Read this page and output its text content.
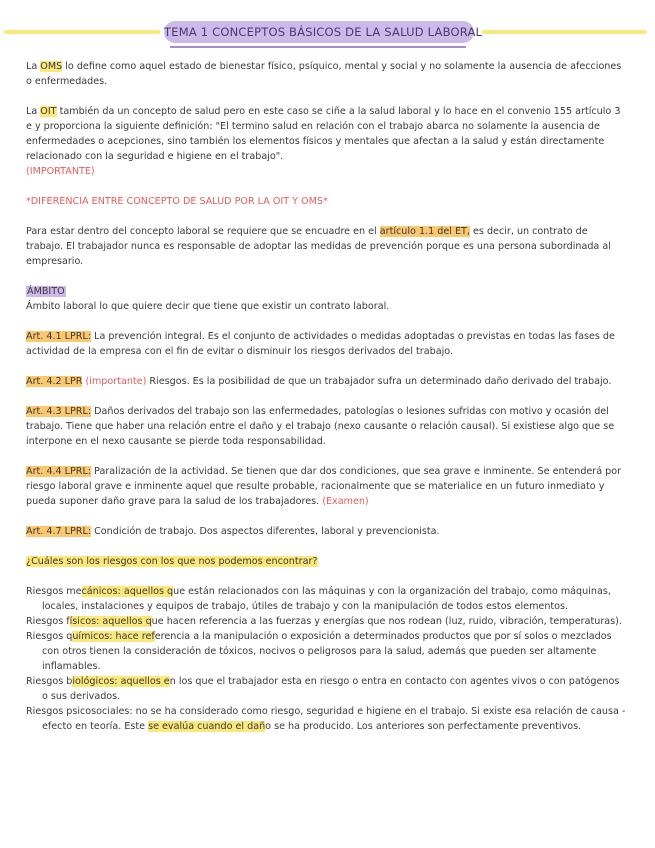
TEMA 1 CONCEPTOS BÁSICOS DE LA SALUD LABORAL

La OMS lo define como aquel estado de bienestar físico, psíquico, mental y social y no solamente la ausencia de afecciones o enfermedades.

La OIT también da un concepto de salud pero en este caso se ciñe a la salud laboral y lo hace en el convenio 155 artículo 3 e y proporciona la siguiente definición: "El termino salud en relación con el trabajo abarca no solamente la ausencia de enfermedades o acepciones, sino también los elementos físicos y mentales que afectan a la salud y están directamente relacionado con la seguridad e higiene en el trabajo".
(IMPORTANTE)

*DIFERENCIA ENTRE CONCEPTO DE SALUD POR LA OIT Y OMS*

Para estar dentro del concepto laboral se requiere que se encuadre en el artículo 1.1 del ET, es decir, un contrato de trabajo. El trabajador nunca es responsable de adoptar las medidas de prevención porque es una persona subordinada al empresario.

ÁMBITO
Ámbito laboral lo que quiere decir que tiene que existir un contrato laboral.

Art. 4.1 LPRL: La prevención integral. Es el conjunto de actividades o medidas adoptadas o previstas en todas las fases de actividad de la empresa con el fin de evitar o disminuir los riesgos derivados del trabajo.

Art. 4.2 LPR (importante) Riesgos. Es la posibilidad de que un trabajador sufra un determinado daño derivado del trabajo.

Art. 4.3 LPRL: Daños derivados del trabajo son las enfermedades, patologías o lesiones sufridas con motivo y ocasión del trabajo. Tiene que haber una relación entre el daño y el trabajo (nexo causante o relación causal). Si existiese algo que se interpone en el nexo causante se pierde toda responsabilidad.

Art. 4.4 LPRL: Paralización de la actividad. Se tienen que dar dos condiciones, que sea grave e inminente. Se entenderá por riesgo laboral grave e inminente aquel que resulte probable, racionalmente que se materialice en un futuro inmediato y pueda suponer daño grave para la salud de los trabajadores. (Examen)

Art. 4.7 LPRL: Condición de trabajo. Dos aspectos diferentes, laboral y prevencionista.

¿Cuáles son los riesgos con los que nos podemos encontrar?

Riesgos mecánicos: aquellos que están relacionados con las máquinas y con la organización del trabajo, como máquinas, locales, instalaciones y equipos de trabajo, útiles de trabajo y con la manipulación de todos estos elementos.

Riesgos físicos: aquellos que hacen referencia a las fuerzas y energías que nos rodean (luz, ruido, vibración, temperaturas).

Riesgos químicos: hace referencia a la manipulación o exposición a determinados productos que por sí solos o mezclados con otros tienen la consideración de tóxicos, nocivos o peligrosos para la salud, además que pueden ser altamente inflamables.

Riesgos biológicos: aquellos en los que el trabajador esta en riesgo o entra en contacto con agentes vivos o con patógenos o sus derivados.

Riesgos psicosociales: no se ha considerado como riesgo, seguridad e higiene en el trabajo. Si existe esa relación de causa - efecto en teoría. Este se evalúa cuando el daño se ha producido. Los anteriores son perfectamente preventivos.
